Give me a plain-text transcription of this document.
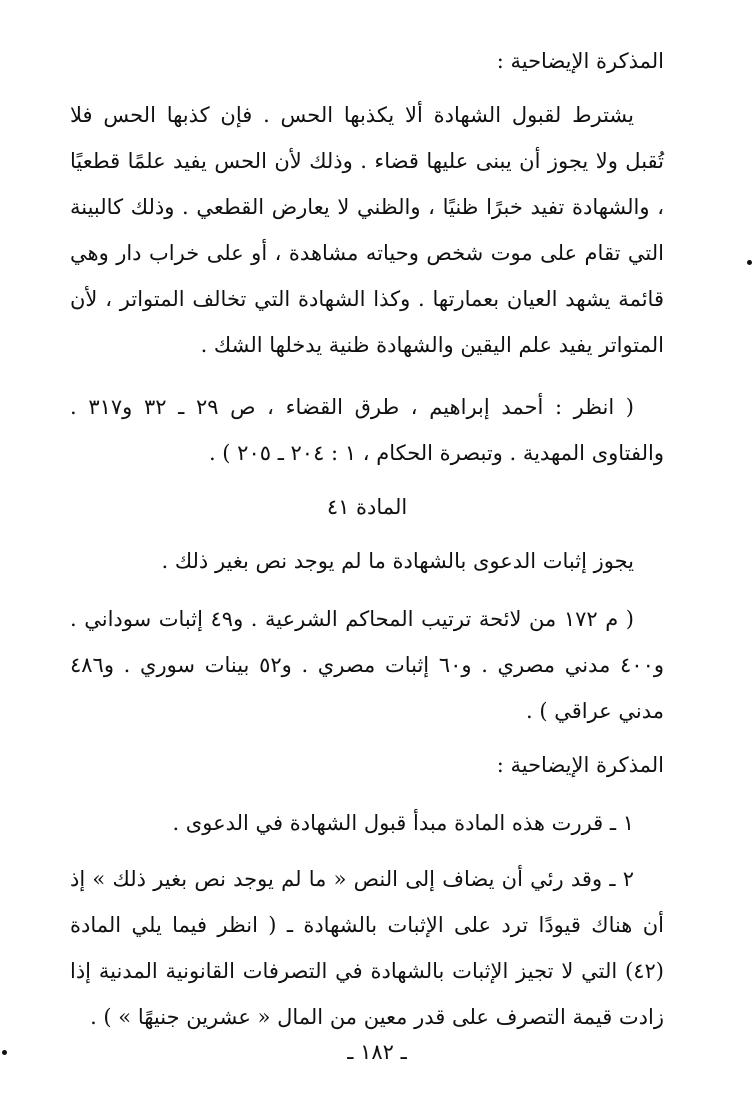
المذكرة الإيضاحية :

يشترط لقبول الشهادة ألا يكذبها الحس . فإن كذبها الحس فلا تُقبل ولا يجوز أن يبنى عليها قضاء . وذلك لأن الحس يفيد علمًا قطعيًا ، والشهادة تفيد خبرًا ظنيًا ، والظني لا يعارض القطعي . وذلك كالبينة التي تقام على موت شخص وحياته مشاهدة ، أو على خراب دار وهي قائمة يشهد العيان بعمارتها . وكذا الشهادة التي تخالف المتواتر ، لأن المتواتر يفيد علم اليقين والشهادة ظنية يدخلها الشك .

( انظر : أحمد إبراهيم ، طرق القضاء ، ص ٢٩ ـ ٣٢ و٣١٧ . والفتاوى المهدية . وتبصرة الحكام ، ١ : ٢٠٤ ـ ٢٠٥ ) .

المادة ٤١

يجوز إثبات الدعوى بالشهادة ما لم يوجد نص بغير ذلك .

( م ١٧٢ من لائحة ترتيب المحاكم الشرعية . و٤٩ إثبات سوداني . و٤٠٠ مدني مصري . و٦٠ إثبات مصري . و٥٢ بينات سوري . و٤٨٦ مدني عراقي ) .

المذكرة الإيضاحية :

١ ـ قررت هذه المادة مبدأ قبول الشهادة في الدعوى .

٢ ـ وقد رئي أن يضاف إلى النص « ما لم يوجد نص بغير ذلك » إذ أن هناك قيودًا ترد على الإثبات بالشهادة ـ ( انظر فيما يلي المادة (٤٢) التي لا تجيز الإثبات بالشهادة في التصرفات القانونية المدنية إذا زادت قيمة التصرف على قدر معين من المال « عشرين جنيهًا » ) .

ـ ١٨٢ ـ
